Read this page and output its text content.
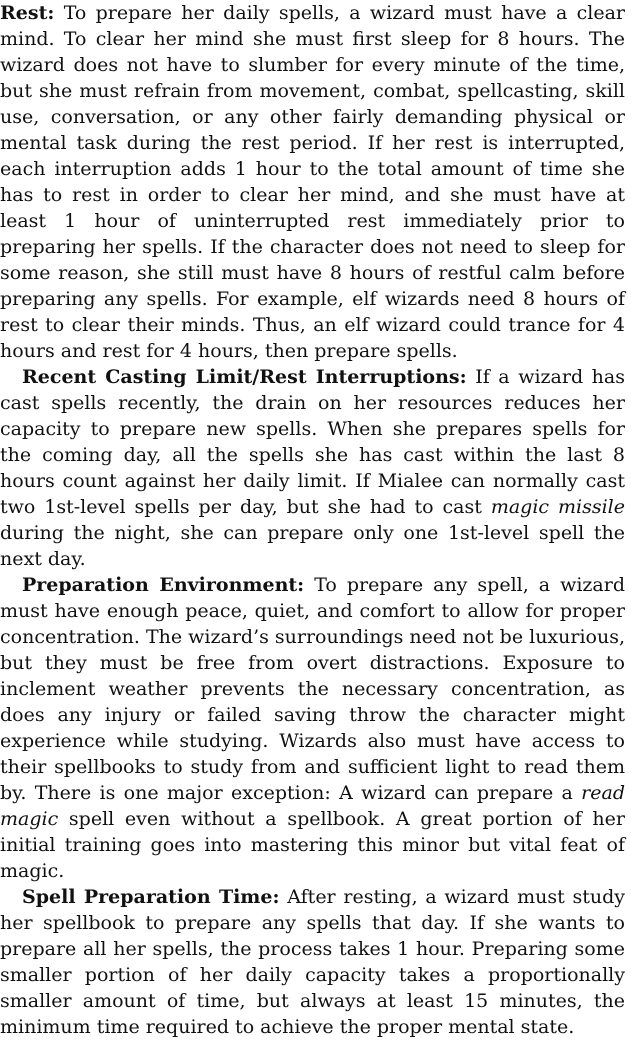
Rest: To prepare her daily spells, a wizard must have a clear mind. To clear her mind she must first sleep for 8 hours. The wizard does not have to slumber for every minute of the time, but she must refrain from movement, combat, spellcasting, skill use, conversation, or any other fairly demanding physical or mental task during the rest period. If her rest is interrupted, each interruption adds 1 hour to the total amount of time she has to rest in order to clear her mind, and she must have at least 1 hour of uninterrupted rest immediately prior to preparing her spells. If the character does not need to sleep for some reason, she still must have 8 hours of restful calm before preparing any spells. For example, elf wizards need 8 hours of rest to clear their minds. Thus, an elf wizard could trance for 4 hours and rest for 4 hours, then prepare spells.

Recent Casting Limit/Rest Interruptions: If a wizard has cast spells recently, the drain on her resources reduces her capacity to prepare new spells. When she prepares spells for the coming day, all the spells she has cast within the last 8 hours count against her daily limit. If Mialee can normally cast two 1st-level spells per day, but she had to cast magic missile during the night, she can prepare only one 1st-level spell the next day.

Preparation Environment: To prepare any spell, a wizard must have enough peace, quiet, and comfort to allow for proper concentration. The wizard’s surroundings need not be luxurious, but they must be free from overt distractions. Exposure to inclement weather prevents the necessary concentration, as does any injury or failed saving throw the character might experience while studying. Wizards also must have access to their spellbooks to study from and sufficient light to read them by. There is one major exception: A wizard can prepare a read magic spell even without a spellbook. A great portion of her initial training goes into mastering this minor but vital feat of magic.

Spell Preparation Time: After resting, a wizard must study her spellbook to prepare any spells that day. If she wants to prepare all her spells, the process takes 1 hour. Preparing some smaller portion of her daily capacity takes a proportionally smaller amount of time, but always at least 15 minutes, the minimum time required to achieve the proper mental state.
